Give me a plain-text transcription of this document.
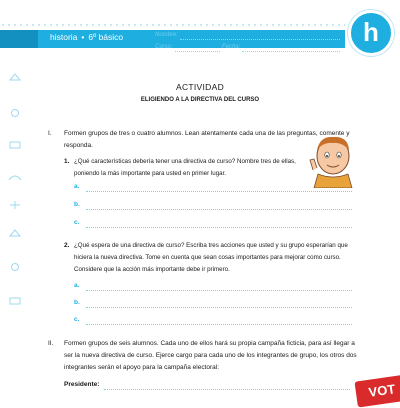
historia • 6º básico	Nombre:
Curso:	Fecha:	h
ACTIVIDAD
ELIGIENDO A LA DIRECTIVA DEL CURSO
I. Formen grupos de tres o cuatro alumnos. Lean atentamente cada una de las preguntas, comente y responda.
1. ¿Qué características debería tener una directiva de curso? Nombre tres de ellas, poniendo la más importante para usted en primer lugar.
a.
b.
c.
2. ¿Qué espera de una directiva de curso? Escriba tres acciones que usted y su grupo esperarían que hiciera la nueva directiva. Tome en cuenta que sean cosas importantes para mejorar como curso. Considere que la acción más importante debe ir primero.
a.
b.
c.
II. Formen grupos de seis alumnos. Cada uno de ellos hará su propia campaña ficticia, para así llegar a ser la nueva directiva de curso. Ejerce cargo para cada uno de los integrantes de grupo, los otros dos integrantes serán el apoyo para la campaña electoral:
Presidente:	VOT
